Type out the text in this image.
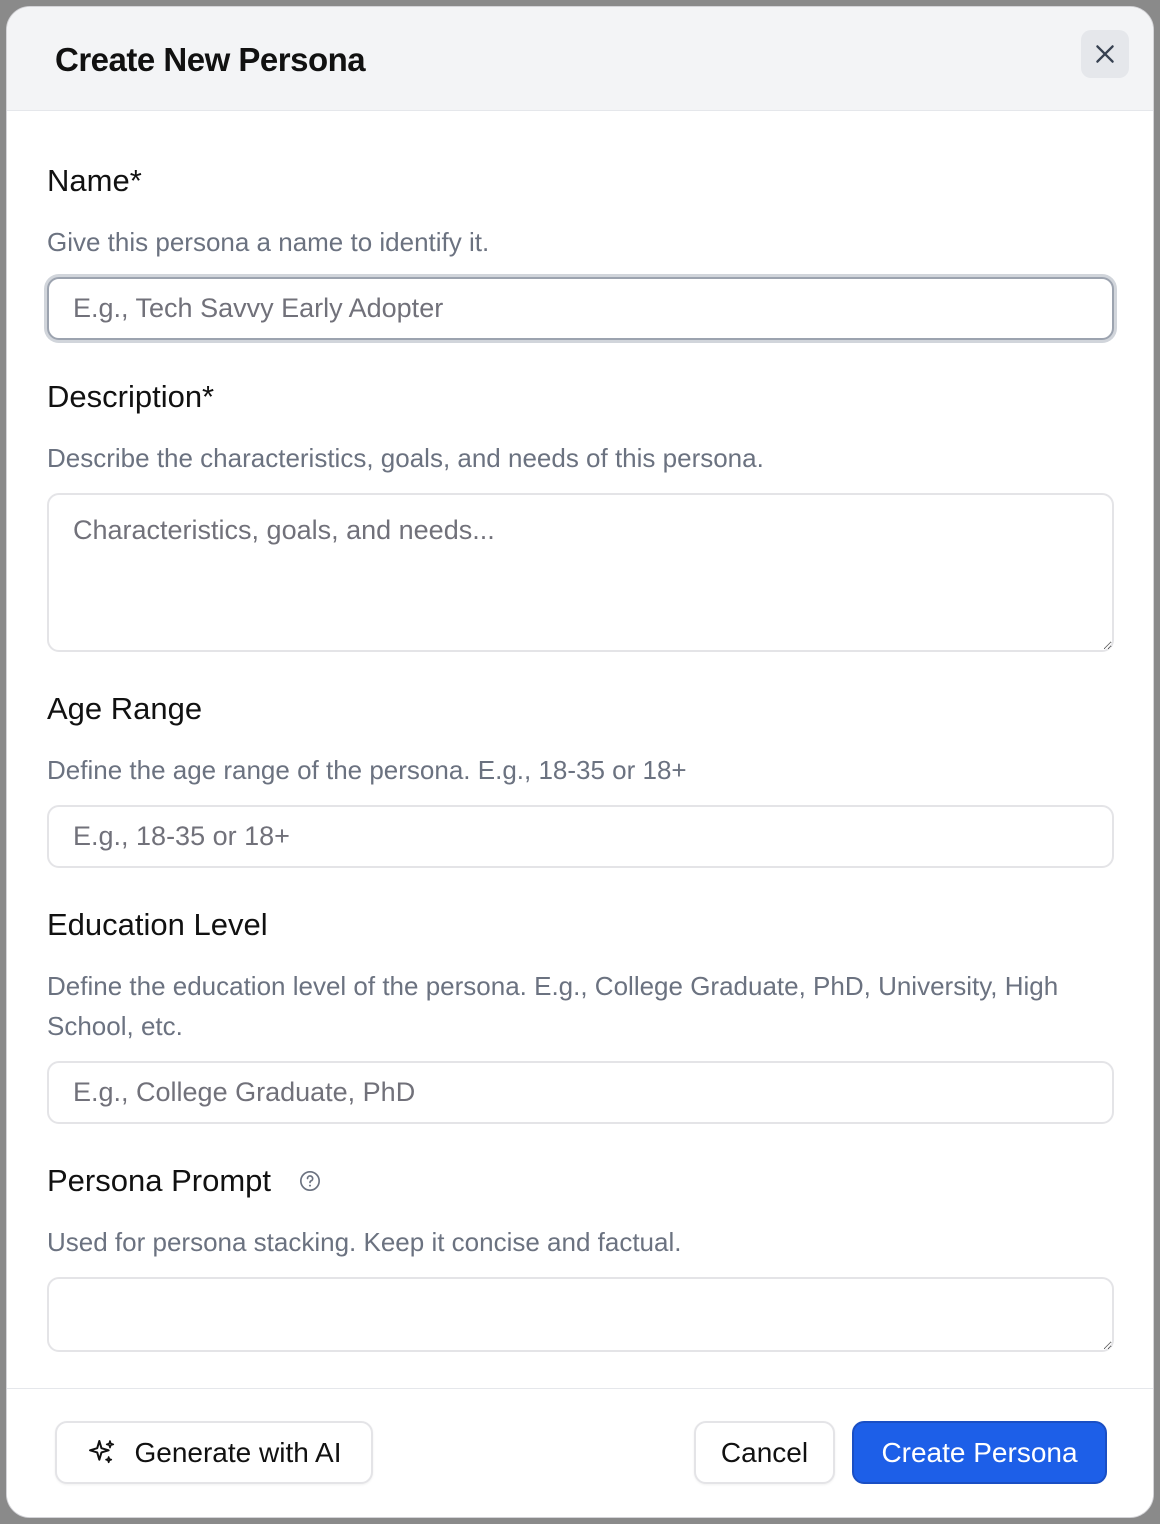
Create New Persona
Name*
Give this persona a name to identify it.
E.g., Tech Savvy Early Adopter
Description*
Describe the characteristics, goals, and needs of this persona.
Characteristics, goals, and needs...
Age Range
Define the age range of the persona. E.g., 18-35 or 18+
E.g., 18-35 or 18+
Education Level
Define the education level of the persona. E.g., College Graduate, PhD, University, High School, etc.
E.g., College Graduate, PhD
Persona Prompt
Used for persona stacking. Keep it concise and factual.
Generate with AI	Cancel	Create Persona
